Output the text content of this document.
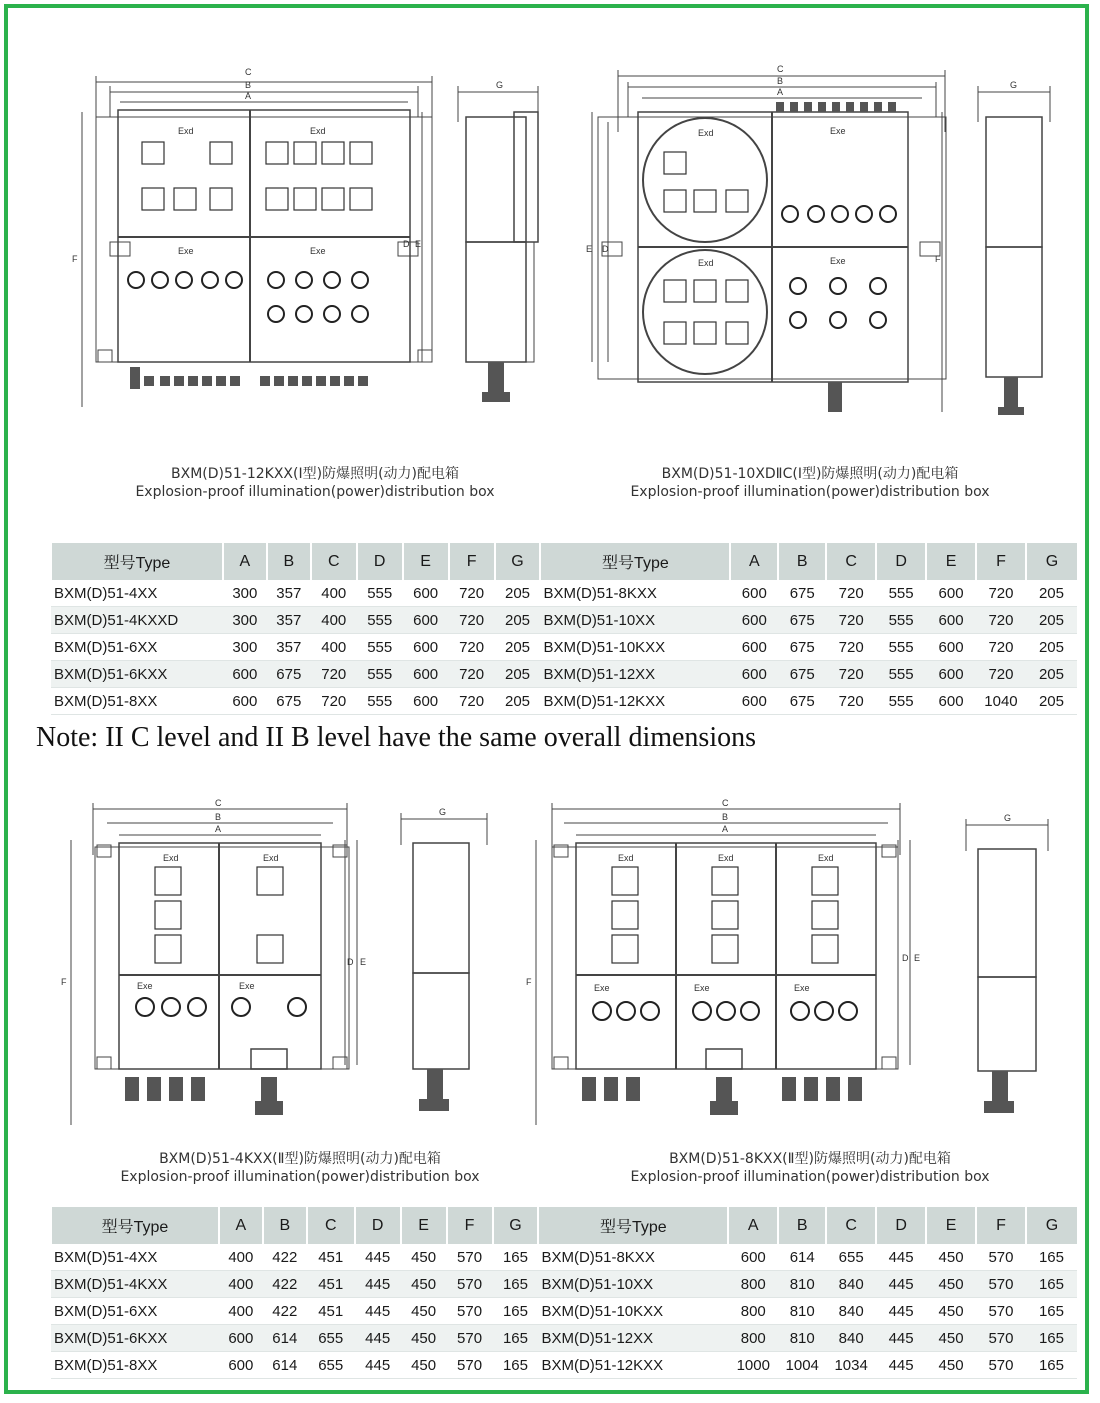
C
B
A
F
D E
Exd	Exd
Exe	Exe
G
C
B
A
E D
F
Exd
Exd
Exe
Exe
G
BXM(D)51-12KXX(I型)防爆照明(动力)配电箱
Explosion-proof illumination(power)distribution box
BXM(D)51-10XDⅡC(I型)防爆照明(动力)配电箱
Explosion-proof illumination(power)distribution box
型号Type	A	B	C	D	E	F	G	型号Type	A	B	C	D	E	F	G
BXM(D)51-4XX	300	357	400	555	600	720	205	BXM(D)51-8KXX	600	675	720	555	600	720	205
BXM(D)51-4KXXD	300	357	400	555	600	720	205	BXM(D)51-10XX	600	675	720	555	600	720	205
BXM(D)51-6XX	300	357	400	555	600	720	205	BXM(D)51-10KXX	600	675	720	555	600	720	205
BXM(D)51-6KXX	600	675	720	555	600	720	205	BXM(D)51-12XX	600	675	720	555	600	720	205
BXM(D)51-8XX	600	675	720	555	600	720	205	BXM(D)51-12KXX	600	675	720	555	600	1040	205
Note: II C level and II B level have the same overall dimensions
C
B
A
F
D E
Exd	Exd
Exe	Exe
G
C
B
A
F
D E
Exd	Exd	Exd
Exe	Exe	Exe
G
BXM(D)51-4KXX(Ⅱ型)防爆照明(动力)配电箱
Explosion-proof illumination(power)distribution box
BXM(D)51-8KXX(Ⅱ型)防爆照明(动力)配电箱
Explosion-proof illumination(power)distribution box
型号Type	A	B	C	D	E	F	G	型号Type	A	B	C	D	E	F	G
BXM(D)51-4XX	400	422	451	445	450	570	165	BXM(D)51-8KXX	600	614	655	445	450	570	165
BXM(D)51-4KXX	400	422	451	445	450	570	165	BXM(D)51-10XX	800	810	840	445	450	570	165
BXM(D)51-6XX	400	422	451	445	450	570	165	BXM(D)51-10KXX	800	810	840	445	450	570	165
BXM(D)51-6KXX	600	614	655	445	450	570	165	BXM(D)51-12XX	800	810	840	445	450	570	165
BXM(D)51-8XX	600	614	655	445	450	570	165	BXM(D)51-12KXX	1000	1004	1034	445	450	570	165
